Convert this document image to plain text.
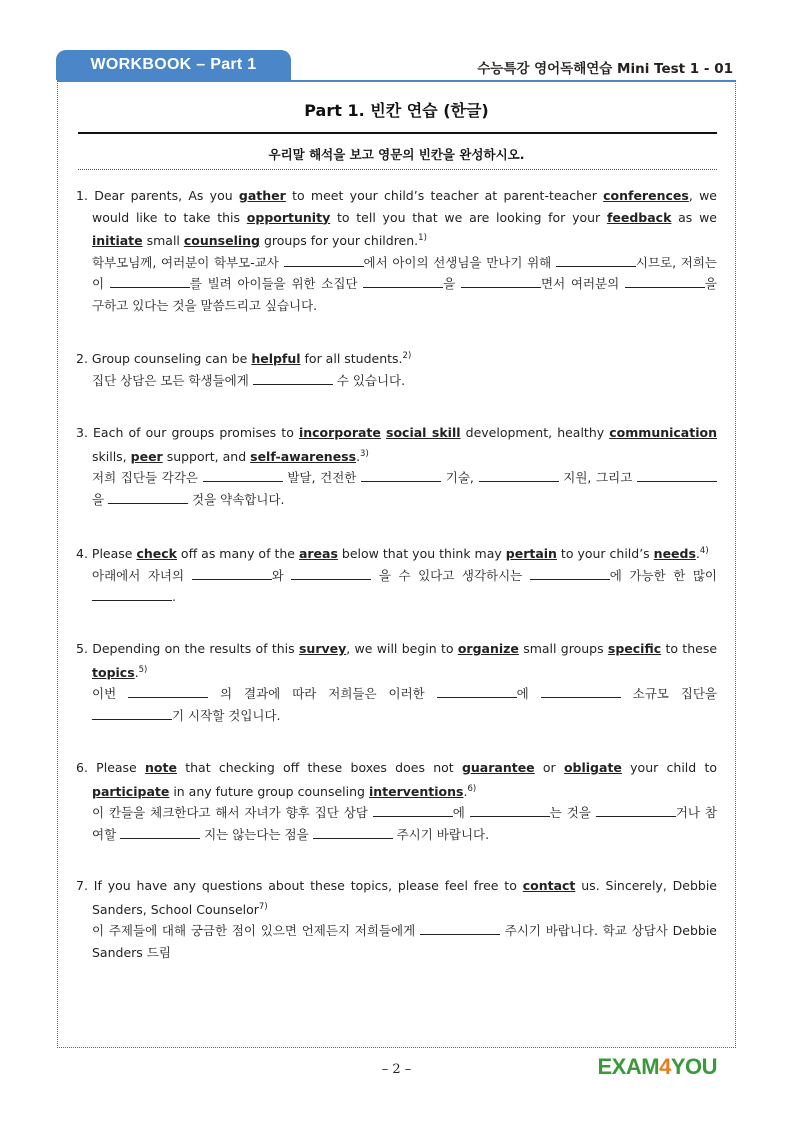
WORKBOOK – Part 1	수능특강 영어독해연습 Mini Test 1 - 01
Part 1. 빈칸 연습 (한글)
우리말 해석을 보고 영문의 빈칸을 완성하시오.

1. Dear parents, As you gather to meet your child’s teacher at parent-teacher conferences, we would like to take this opportunity to tell you that we are looking for your feedback as we initiate small counseling groups for your children.$^{1)}$

학부모님께, 여러분이 학부모-교사	에서 아이의 선생님을 만나기 위해	시므로, 저희는 이	를 빌려 아이들을 위한 소집단	을	면서 여러분의	을 구하고 있다는 것을 말씀드리고 싶습니다.

2. Group counseling can be helpful for all students.$^{2)}$

집단 상담은 모든 학생들에게	수 있습니다.

3. Each of our groups promises to incorporate social skill development, healthy communication skills, peer support, and self-awareness.$^{3)}$

저희 집단들 각각은	발달, 건전한	기술,	지원, 그리고  을	것을 약속합니다.

4. Please check off as many of the areas below that you think may pertain to your child’s needs.$^{4)}$

아래에서 자녀의	와	을 수 있다고 생각하시는	에 가능한 한 많이 .

5. Depending on the results of this survey, we will begin to organize small groups specific to these topics.$^{5)}$

이번	의 결과에 따라 저희들은 이러한	에	소규모 집단을 기 시작할 것입니다.

6. Please note that checking off these boxes does not guarantee or obligate your child to participate in any future group counseling interventions.$^{6)}$

이 칸들을 체크한다고 해서 자녀가 향후 집단 상담	에	는 것을	거나 참여할	지는 않는다는 점을	주시기 바랍니다.

7. If you have any questions about these topics, please feel free to contact us. Sincerely, Debbie Sanders, School Counselor$^{7)}$

이 주제들에 대해 궁금한 점이 있으면 언제든지 저희들에게	주시기 바랍니다. 학교 상담사 Debbie Sanders 드림

– 2 –	EXAM4YOU
